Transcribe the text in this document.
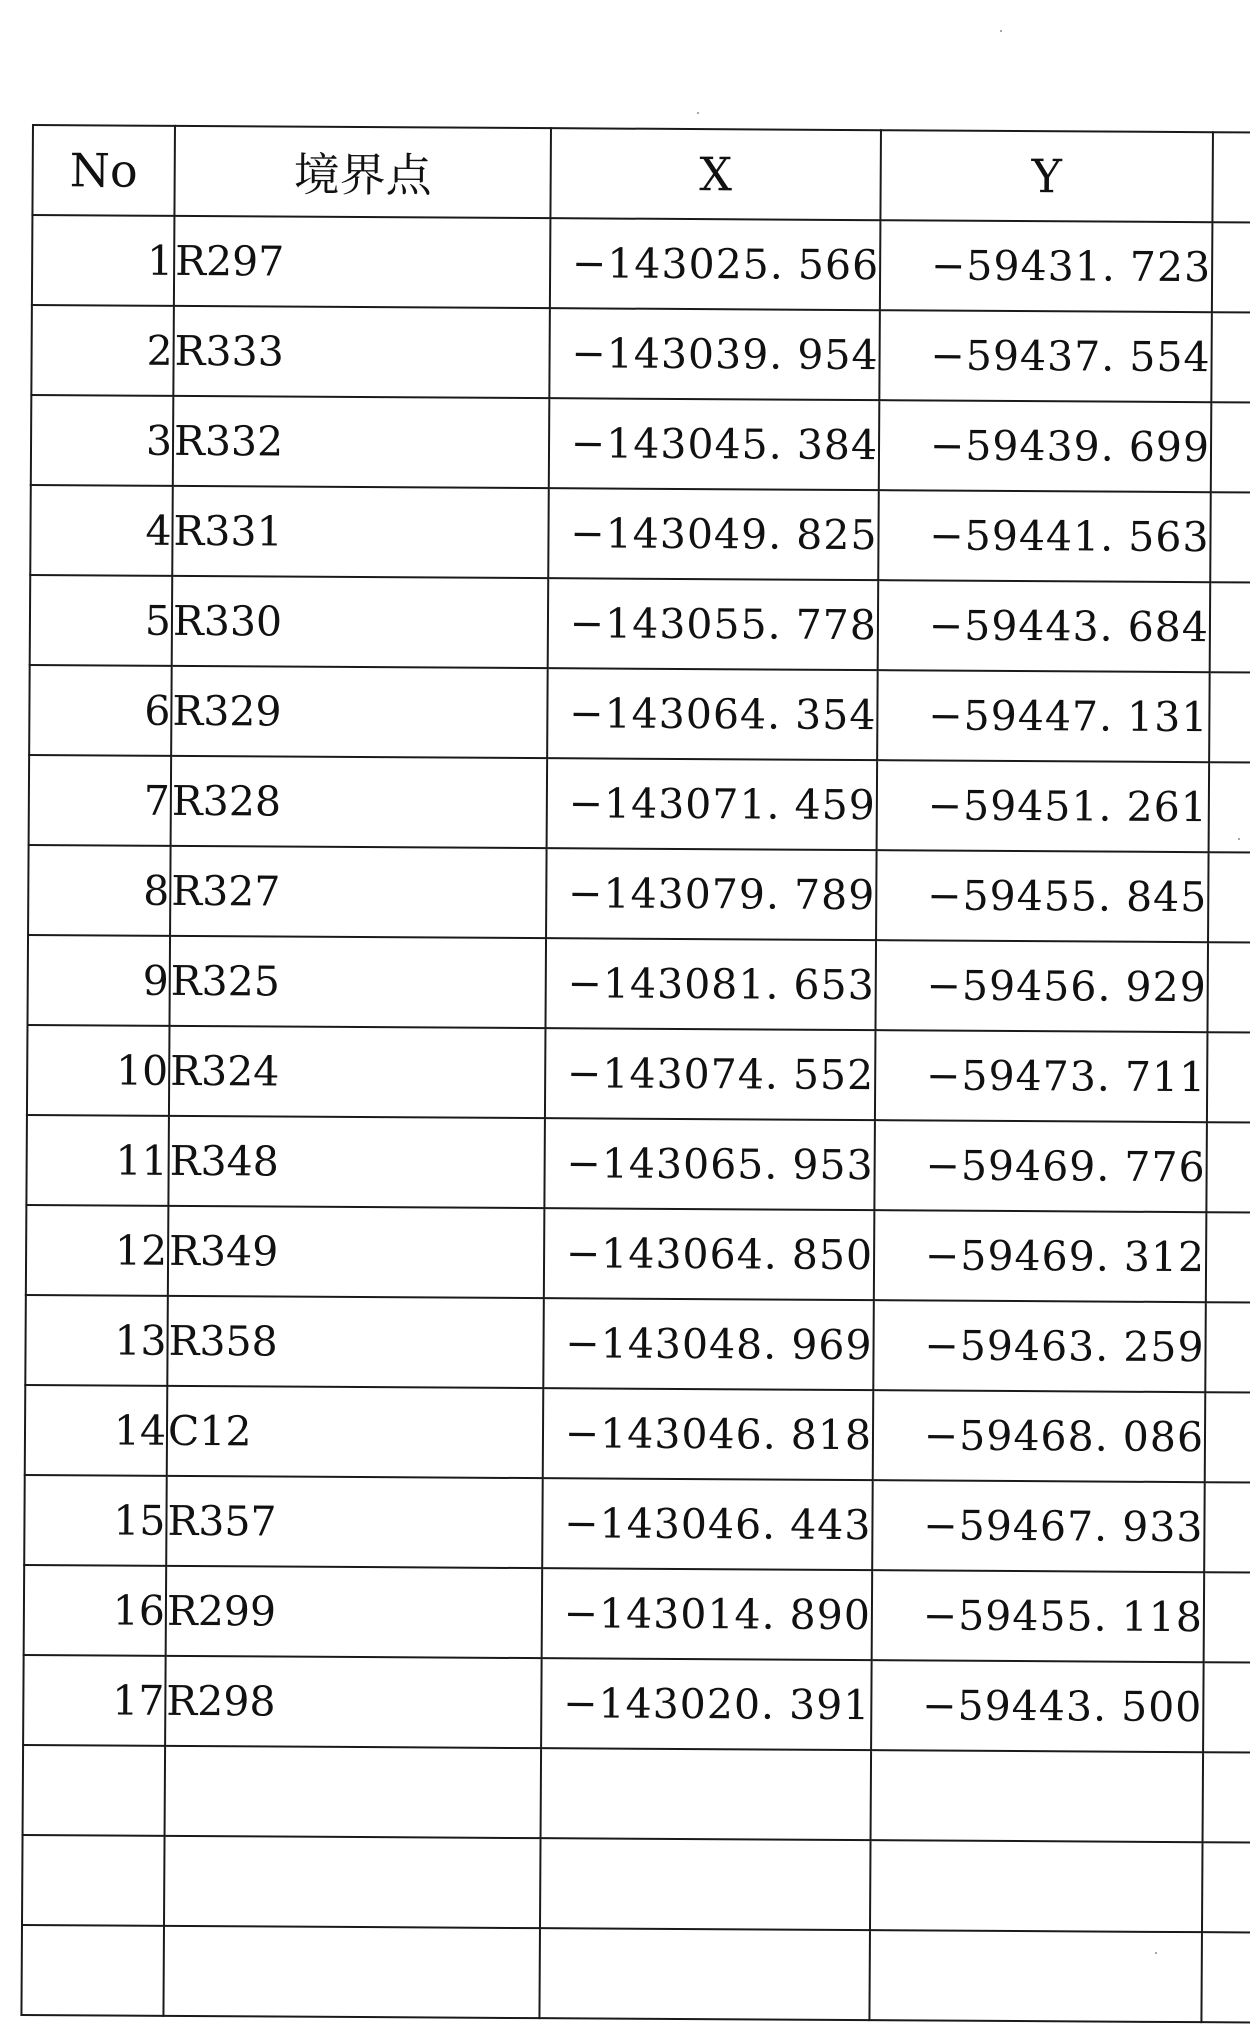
No	境界点	X	Y	
1	R297	−143025. 566	−59431. 723	
2	R333	−143039. 954	−59437. 554	
3	R332	−143045. 384	−59439. 699	
4	R331	−143049. 825	−59441. 563	
5	R330	−143055. 778	−59443. 684	
6	R329	−143064. 354	−59447. 131	
7	R328	−143071. 459	−59451. 261	
8	R327	−143079. 789	−59455. 845	
9	R325	−143081. 653	−59456. 929	
10	R324	−143074. 552	−59473. 711	
11	R348	−143065. 953	−59469. 776	
12	R349	−143064. 850	−59469. 312	
13	R358	−143048. 969	−59463. 259	
14	C12	−143046. 818	−59468. 086	
15	R357	−143046. 443	−59467. 933	
16	R299	−143014. 890	−59455. 118	
17	R298	−143020. 391	−59443. 500	
